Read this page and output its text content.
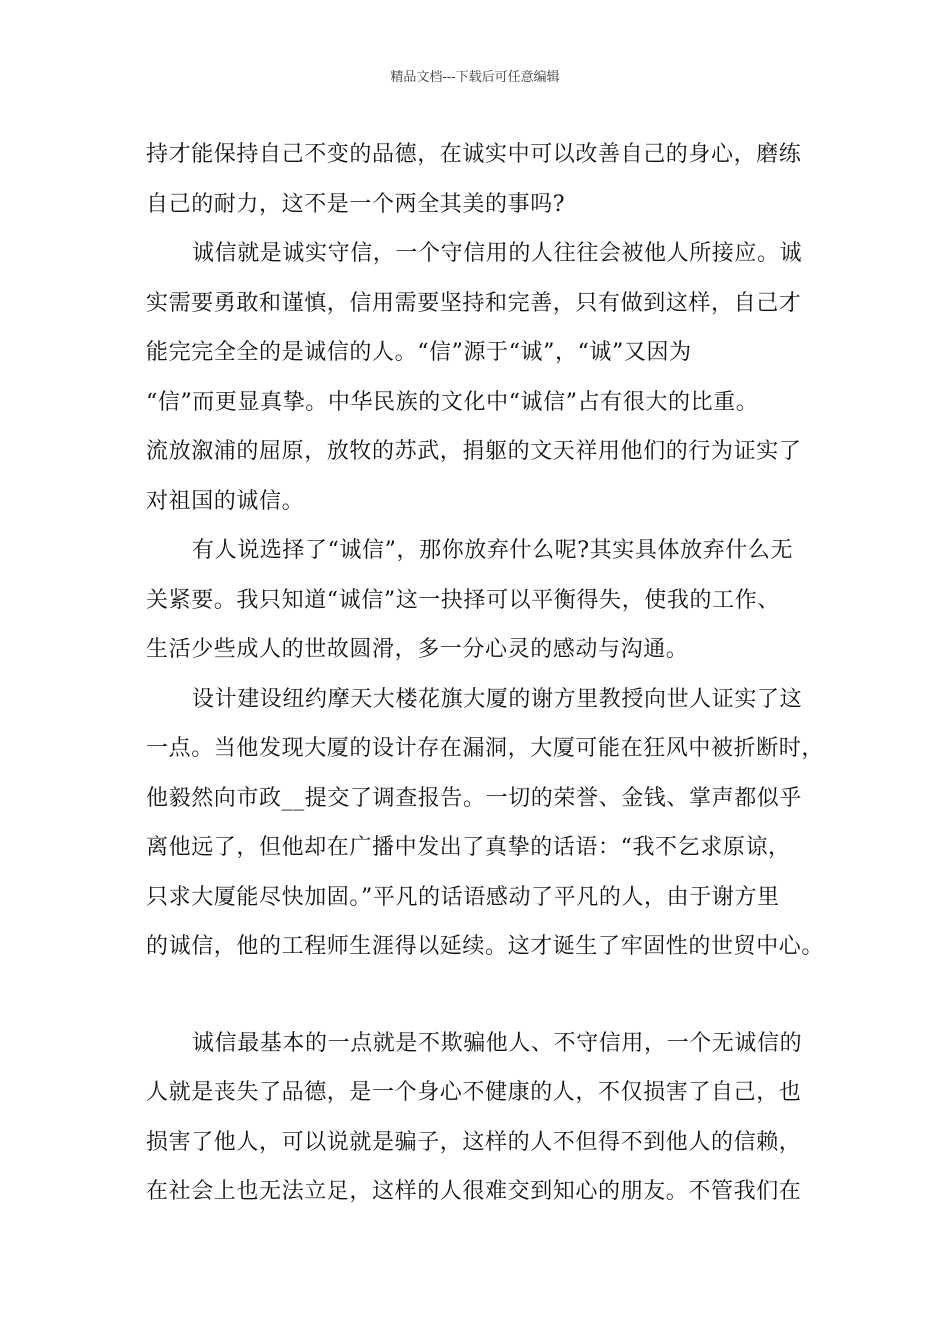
精品文档---下载后可任意编辑

持才能保持自己不变的品德，在诚实中可以改善自己的身心，磨练
自己的耐力，这不是一个两全其美的事吗?

诚信就是诚实守信，一个守信用的人往往会被他人所接应。诚
实需要勇敢和谨慎，信用需要坚持和完善，只有做到这样，自己才
能完完全全的是诚信的人。“信”源于“诚”，“诚”又因为
“信”而更显真挚。中华民族的文化中“诚信”占有很大的比重。
流放溆浦的屈原，放牧的苏武，捐躯的文天祥用他们的行为证实了
对祖国的诚信。

有人说选择了“诚信”，那你放弃什么呢?其实具体放弃什么无
关紧要。我只知道“诚信”这一抉择可以平衡得失，使我的工作、
生活少些成人的世故圆滑，多一分心灵的感动与沟通。

设计建设纽约摩天大楼花旗大厦的谢方里教授向世人证实了这
一点。当他发现大厦的设计存在漏洞，大厦可能在狂风中被折断时，
他毅然向市政__提交了调查报告。一切的荣誉、金钱、掌声都似乎
离他远了，但他却在广播中发出了真挚的话语：“我不乞求原谅，
只求大厦能尽快加固。”平凡的话语感动了平凡的人，由于谢方里
的诚信，他的工程师生涯得以延续。这才诞生了牢固性的世贸中心。

诚信最基本的一点就是不欺骗他人、不守信用，一个无诚信的
人就是丧失了品德，是一个身心不健康的人，不仅损害了自己，也
损害了他人，可以说就是骗子，这样的人不但得不到他人的信赖，
在社会上也无法立足，这样的人很难交到知心的朋友。不管我们在
